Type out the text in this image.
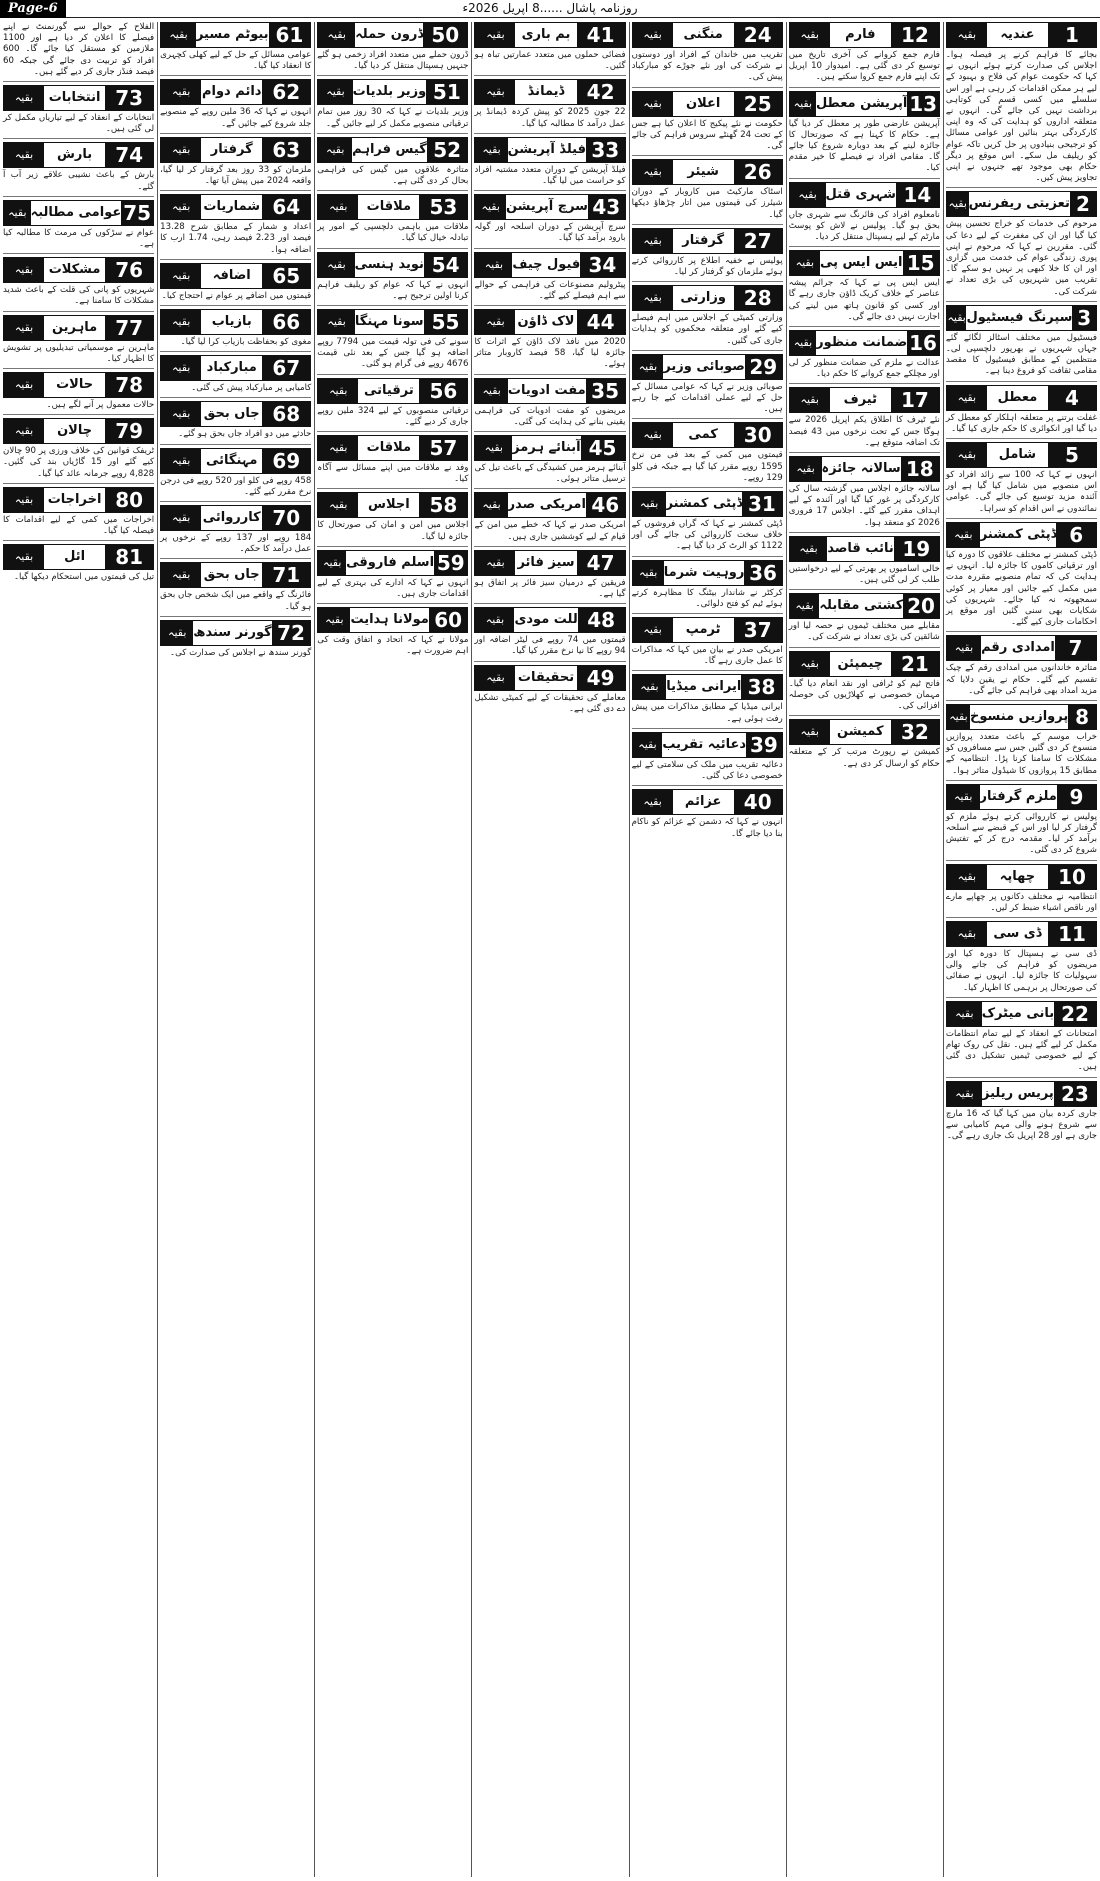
Page-6	روزنامہ پاشال ......8 اپریل 2026ء
بقیہ	عندیہ	1
بجائے کا فراہم کرنے پر فیصلہ ہوا۔ اجلاس کی صدارت کرتے ہوئے انہوں نے کہا کہ حکومت عوام کی فلاح و بہبود کے لیے ہر ممکن اقدامات کر رہی ہے اور اس سلسلے میں کسی قسم کی کوتاہی برداشت نہیں کی جائے گی۔ انہوں نے متعلقہ اداروں کو ہدایت کی کہ وہ اپنی کارکردگی بہتر بنائیں اور عوامی مسائل کو ترجیحی بنیادوں پر حل کریں تاکہ عوام کو ریلیف مل سکے۔ اس موقع پر دیگر حکام بھی موجود تھے جنہوں نے اپنی تجاویز پیش کیں۔
بقیہ تعزیتی ریفرنس 2
مرحوم کی خدمات کو خراج تحسین پیش کیا گیا اور ان کی مغفرت کے لیے دعا کی گئی۔ مقررین نے کہا کہ مرحوم نے اپنی پوری زندگی عوام کی خدمت میں گزاری اور ان کا خلا کبھی پر نہیں ہو سکے گا۔ تقریب میں شہریوں کی بڑی تعداد نے شرکت کی۔
بقیہ سپرنگ فیسٹیول 3
فیسٹیول میں مختلف اسٹالز لگائے گئے جہاں شہریوں نے بھرپور دلچسپی لی۔ منتظمین کے مطابق فیسٹیول کا مقصد مقامی ثقافت کو فروغ دینا ہے۔
بقیہ	معطل	4
غفلت برتنے پر متعلقہ اہلکار کو معطل کر دیا گیا اور انکوائری کا حکم جاری کیا گیا۔
بقیہ	شامل	5
انہوں نے کہا کہ 100 سے زائد افراد کو اس منصوبے میں شامل کیا گیا ہے اور آئندہ مزید توسیع کی جائے گی۔ عوامی نمائندوں نے اس اقدام کو سراہا۔
بقیہ ڈپٹی کمشنر 6
ڈپٹی کمشنر نے مختلف علاقوں کا دورہ کیا اور ترقیاتی کاموں کا جائزہ لیا۔ انہوں نے ہدایت کی کہ تمام منصوبے مقررہ مدت میں مکمل کیے جائیں اور معیار پر کوئی سمجھوتہ نہ کیا جائے۔ شہریوں کی شکایات بھی سنی گئیں اور موقع پر احکامات جاری کیے گئے۔
بقیہ امدادی رقم 7
متاثرہ خاندانوں میں امدادی رقم کے چیک تقسیم کیے گئے۔ حکام نے یقین دلایا کہ مزید امداد بھی فراہم کی جائے گی۔
بقیہ پروازیں منسوخ 8
خراب موسم کے باعث متعدد پروازیں منسوخ کر دی گئیں جس سے مسافروں کو مشکلات کا سامنا کرنا پڑا۔ انتظامیہ کے مطابق 15 پروازوں کا شیڈول متاثر ہوا۔
بقیہ ملزم گرفتار 9
پولیس نے کارروائی کرتے ہوئے ملزم کو گرفتار کر لیا اور اس کے قبضے سے اسلحہ برآمد کر لیا۔ مقدمہ درج کر کے تفتیش شروع کر دی گئی۔
بقیہ	چھاپہ	10
انتظامیہ نے مختلف دکانوں پر چھاپے مارے اور ناقص اشیاء ضبط کر لیں۔
بقیہ	ڈی سی 11
ڈی سی نے ہسپتال کا دورہ کیا اور مریضوں کو فراہم کی جانے والی سہولیات کا جائزہ لیا۔ انہوں نے صفائی کی صورتحال پر برہمی کا اظہار کیا۔
بقیہ بانی میٹرک 22
امتحانات کے انعقاد کے لیے تمام انتظامات مکمل کر لیے گئے ہیں۔ نقل کی روک تھام کے لیے خصوصی ٹیمیں تشکیل دی گئی ہیں۔
بقیہ پریس ریلیز 23
جاری کردہ بیان میں کہا گیا کہ 16 مارچ سے شروع ہونے والی مہم کامیابی سے جاری ہے اور 28 اپریل تک جاری رہے گی۔
بقیہ	فارم	12
فارم جمع کروانے کی آخری تاریخ میں توسیع کر دی گئی ہے۔ امیدوار 10 اپریل تک اپنے فارم جمع کروا سکتے ہیں۔
بقیہ آپریشن معطل 13
آپریشن عارضی طور پر معطل کر دیا گیا ہے۔ حکام کا کہنا ہے کہ صورتحال کا جائزہ لینے کے بعد دوبارہ شروع کیا جائے گا۔ مقامی افراد نے فیصلے کا خیر مقدم کیا۔
بقیہ شہری قتل 14
نامعلوم افراد کی فائرنگ سے شہری جاں بحق ہو گیا۔ پولیس نے لاش کو پوسٹ مارٹم کے لیے ہسپتال منتقل کر دیا۔
بقیہ ایس ایس پی 15
ایس ایس پی نے کہا کہ جرائم پیشہ عناصر کے خلاف کریک ڈاؤن جاری رہے گا اور کسی کو قانون ہاتھ میں لینے کی اجازت نہیں دی جائے گی۔
بقیہ ضمانت منظور 16
عدالت نے ملزم کی ضمانت منظور کر لی اور مچلکے جمع کروانے کا حکم دیا۔
بقیہ	ٹیرف	17
نئے ٹیرف کا اطلاق یکم اپریل 2026 سے ہوگا جس کے تحت نرخوں میں 43 فیصد تک اضافہ متوقع ہے۔
بقیہ سالانہ جائزہ 18
سالانہ جائزہ اجلاس میں گزشتہ سال کی کارکردگی پر غور کیا گیا اور آئندہ کے لیے اہداف مقرر کیے گئے۔ اجلاس 17 فروری 2026 کو منعقد ہوا۔
بقیہ نائب قاصد 19
خالی اسامیوں پر بھرتی کے لیے درخواستیں طلب کر لی گئی ہیں۔
بقیہ کشتی مقابلہ 20
مقابلے میں مختلف ٹیموں نے حصہ لیا اور شائقین کی بڑی تعداد نے شرکت کی۔
بقیہ	چیمپئن 21
فاتح ٹیم کو ٹرافی اور نقد انعام دیا گیا۔ مہمان خصوصی نے کھلاڑیوں کی حوصلہ افزائی کی۔
بقیہ	کمیشن 32
کمیشن نے رپورٹ مرتب کر کے متعلقہ حکام کو ارسال کر دی ہے۔
بقیہ	منگنی	24
تقریب میں خاندان کے افراد اور دوستوں نے شرکت کی اور نئے جوڑے کو مبارکباد پیش کی۔
بقیہ	اعلان	25
حکومت نے نئے پیکیج کا اعلان کیا ہے جس کے تحت 24 گھنٹے سروس فراہم کی جائے گی۔
بقیہ	شیئر	26
اسٹاک مارکیٹ میں کاروبار کے دوران شیئرز کی قیمتوں میں اتار چڑھاؤ دیکھا گیا۔
بقیہ	گرفتار 27
پولیس نے خفیہ اطلاع پر کارروائی کرتے ہوئے ملزمان کو گرفتار کر لیا۔
بقیہ	وزارتی 28
وزارتی کمیٹی کے اجلاس میں اہم فیصلے کیے گئے اور متعلقہ محکموں کو ہدایات جاری کی گئیں۔
بقیہ صوبائی وزیر 29
صوبائی وزیر نے کہا کہ عوامی مسائل کے حل کے لیے عملی اقدامات کیے جا رہے ہیں۔
بقیہ	کمی	30
قیمتوں میں کمی کے بعد فی من نرخ 1595 روپے مقرر کیا گیا ہے جبکہ فی کلو 129 روپے۔
بقیہ ڈپٹی کمشنر 31
ڈپٹی کمشنر نے کہا کہ گراں فروشوں کے خلاف سخت کارروائی کی جائے گی اور 1122 کو الرٹ کر دیا گیا ہے۔
بقیہ روہیت شرما 36
کرکٹر نے شاندار بیٹنگ کا مظاہرہ کرتے ہوئے ٹیم کو فتح دلوائی۔
بقیہ	ٹرمپ	37
امریکی صدر نے بیان میں کہا کہ مذاکرات کا عمل جاری رہے گا۔
بقیہ ایرانی میڈیا 38
ایرانی میڈیا کے مطابق مذاکرات میں پیش رفت ہوئی ہے۔
بقیہ دعائیہ تقریب 39
دعائیہ تقریب میں ملک کی سلامتی کے لیے خصوصی دعا کی گئی۔
بقیہ	عزائم	40
انہوں نے کہا کہ دشمن کے عزائم کو ناکام بنا دیا جائے گا۔
بقیہ	بم باری 41
فضائی حملوں میں متعدد عمارتیں تباہ ہو گئیں۔
بقیہ	ڈیمانڈ	42
22 جون 2025 کو پیش کردہ ڈیمانڈ پر عمل درآمد کا مطالبہ کیا گیا۔
بقیہ فیلڈ آپریشن 33
فیلڈ آپریشن کے دوران متعدد مشتبہ افراد کو حراست میں لیا گیا۔
بقیہ سرچ آپریشن 43
سرچ آپریشن کے دوران اسلحہ اور گولہ بارود برآمد کیا گیا۔
بقیہ فیول چیف 34
پیٹرولیم مصنوعات کی فراہمی کے حوالے سے اہم فیصلے کیے گئے۔
بقیہ لاک ڈاؤن 44
2020 میں نافذ لاک ڈاؤن کے اثرات کا جائزہ لیا گیا، 58 فیصد کاروبار متاثر ہوئے۔
بقیہ مفت ادویات 35
مریضوں کو مفت ادویات کی فراہمی یقینی بنانے کی ہدایت کی گئی۔
بقیہ آبنائے ہرمز 45
آبنائے ہرمز میں کشیدگی کے باعث تیل کی ترسیل متاثر ہوئی۔
بقیہ امریکی صدر 46
امریکی صدر نے کہا کہ خطے میں امن کے قیام کے لیے کوششیں جاری ہیں۔
بقیہ سیز فائر 47
فریقین کے درمیان سیز فائر پر اتفاق ہو گیا ہے۔
بقیہ للت مودی 48
قیمتوں میں 74 روپے فی لیٹر اضافہ اور 94 روپے کا نیا نرخ مقرر کیا گیا۔
بقیہ	تحقیقات 49
معاملے کی تحقیقات کے لیے کمیٹی تشکیل دے دی گئی ہے۔
بقیہ ڈرون حملہ 50
ڈرون حملے میں متعدد افراد زخمی ہو گئے جنہیں ہسپتال منتقل کر دیا گیا۔
بقیہ وزیر بلدیات 51
وزیر بلدیات نے کہا کہ 30 روز میں تمام ترقیاتی منصوبے مکمل کر لیے جائیں گے۔
بقیہ گیس فراہم 52
متاثرہ علاقوں میں گیس کی فراہمی بحال کر دی گئی ہے۔
بقیہ	ملاقات 53
ملاقات میں باہمی دلچسپی کے امور پر تبادلہ خیال کیا گیا۔
بقیہ نوید ہنسی 54
انہوں نے کہا کہ عوام کو ریلیف فراہم کرنا اولین ترجیح ہے۔
بقیہ سونا مہنگا 55
سونے کی فی تولہ قیمت میں 7794 روپے اضافہ ہو گیا جس کے بعد نئی قیمت 4676 روپے فی گرام ہو گئی۔
بقیہ	ترقیاتی 56
ترقیاتی منصوبوں کے لیے 324 ملین روپے جاری کر دیے گئے۔
بقیہ	ملاقات 57
وفد نے ملاقات میں اپنے مسائل سے آگاہ کیا۔
بقیہ	اجلاس 58
اجلاس میں امن و امان کی صورتحال کا جائزہ لیا گیا۔
بقیہ اسلم فاروقی 59
انہوں نے کہا کہ ادارے کی بہتری کے لیے اقدامات جاری ہیں۔
بقیہ مولانا ہدایت 60
مولانا نے کہا کہ اتحاد و اتفاق وقت کی اہم ضرورت ہے۔
بقیہ بیوٹم مسیر 61
عوامی مسائل کے حل کے لیے کھلی کچہری کا انعقاد کیا گیا۔
بقیہ دائم دوام 62
انہوں نے کہا کہ 36 ملین روپے کے منصوبے جلد شروع کیے جائیں گے۔
بقیہ	گرفتار 63
ملزمان کو 33 روز بعد گرفتار کر لیا گیا، واقعہ 2024 میں پیش آیا تھا۔
بقیہ	شماریات 64
اعداد و شمار کے مطابق شرح 13.28 فیصد اور 2.23 فیصد رہی، 1.74 ارب کا اضافہ ہوا۔
بقیہ	اضافہ	65
قیمتوں میں اضافے پر عوام نے احتجاج کیا۔
بقیہ	بازیاب	66
مغوی کو بحفاظت بازیاب کرا لیا گیا۔
بقیہ	مبارکباد 67
کامیابی پر مبارکباد پیش کی گئی۔
بقیہ	جاں بحق 68
حادثے میں دو افراد جاں بحق ہو گئے۔
بقیہ	مہنگائی 69
458 روپے فی کلو اور 520 روپے فی درجن نرخ مقرر کیے گئے۔
بقیہ کارروائی 70
184 روپے اور 137 روپے کے نرخوں پر عمل درآمد کا حکم۔
بقیہ	جاں بحق 71
فائرنگ کے واقعے میں ایک شخص جاں بحق ہو گیا۔
بقیہ گورنر سندھ 72
گورنر سندھ نے اجلاس کی صدارت کی۔
الفلاح کے حوالے سے گورنمنٹ نے اپنے فیصلے کا اعلان کر دیا ہے اور 1100 ملازمین کو مستقل کیا جائے گا۔ 600 افراد کو تربیت دی جائے گی جبکہ 60 فیصد فنڈز جاری کر دیے گئے ہیں۔
بقیہ	انتخابات 73
انتخابات کے انعقاد کے لیے تیاریاں مکمل کر لی گئی ہیں۔
بقیہ	بارش	74
بارش کے باعث نشیبی علاقے زیر آب آ گئے۔
بقیہ عوامی مطالبہ 75
عوام نے سڑکوں کی مرمت کا مطالبہ کیا ہے۔
بقیہ	مشکلات 76
شہریوں کو پانی کی قلت کے باعث شدید مشکلات کا سامنا ہے۔
بقیہ	ماہرین 77
ماہرین نے موسمیاتی تبدیلیوں پر تشویش کا اظہار کیا۔
بقیہ	حالات	78
حالات معمول پر آنے لگے ہیں۔
بقیہ	چالان	79
ٹریفک قوانین کی خلاف ورزی پر 90 چالان کیے گئے اور 15 گاڑیاں بند کی گئیں۔ 4,828 روپے جرمانہ عائد کیا گیا۔
بقیہ	اخراجات 80
اخراجات میں کمی کے لیے اقدامات کا فیصلہ کیا گیا۔
بقیہ	ائل	81
تیل کی قیمتوں میں استحکام دیکھا گیا۔
